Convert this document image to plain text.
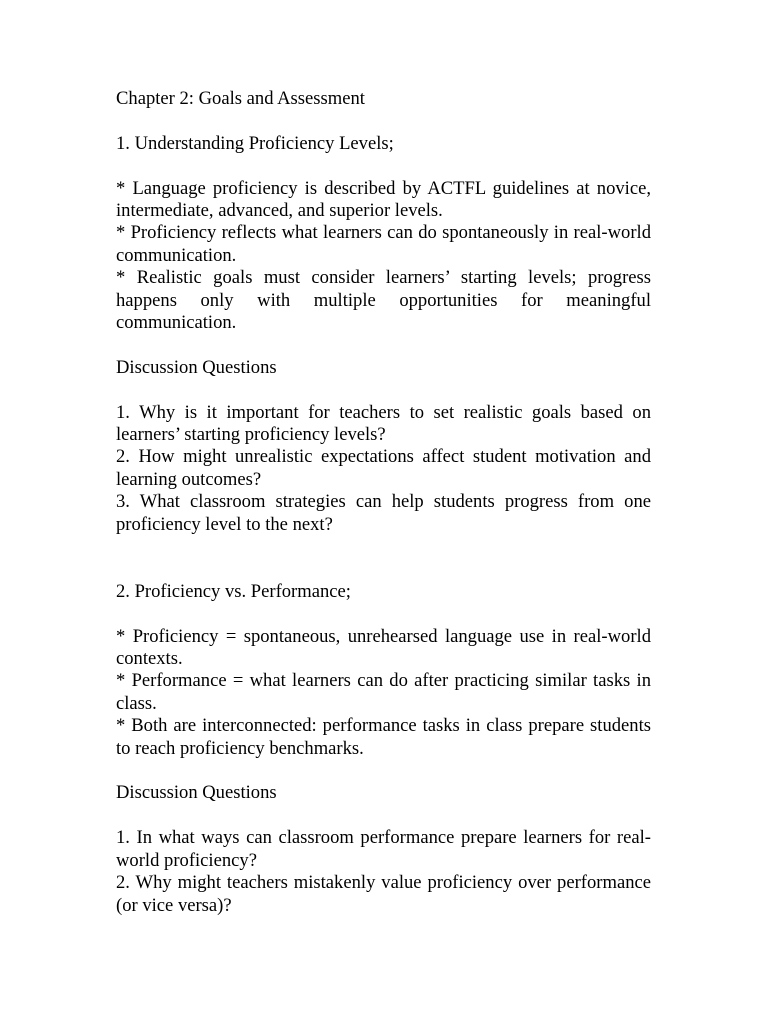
Chapter 2: Goals and Assessment

1. Understanding Proficiency Levels;

* Language proficiency is described by ACTFL guidelines at novice, intermediate, advanced, and superior levels.

* Proficiency reflects what learners can do spontaneously in real-world communication.

* Realistic goals must consider learners’ starting levels; progress happens only with multiple opportunities for meaningful communication.

Discussion Questions

1. Why is it important for teachers to set realistic goals based on learners’ starting proficiency levels?

2. How might unrealistic expectations affect student motivation and learning outcomes?

3. What classroom strategies can help students progress from one proficiency level to the next?

2. Proficiency vs. Performance;

* Proficiency = spontaneous, unrehearsed language use in real-world contexts.

* Performance = what learners can do after practicing similar tasks in class.

* Both are interconnected: performance tasks in class prepare students to reach proficiency benchmarks.

Discussion Questions

1. In what ways can classroom performance prepare learners for real-world proficiency?

2. Why might teachers mistakenly value proficiency over performance (or vice versa)?
